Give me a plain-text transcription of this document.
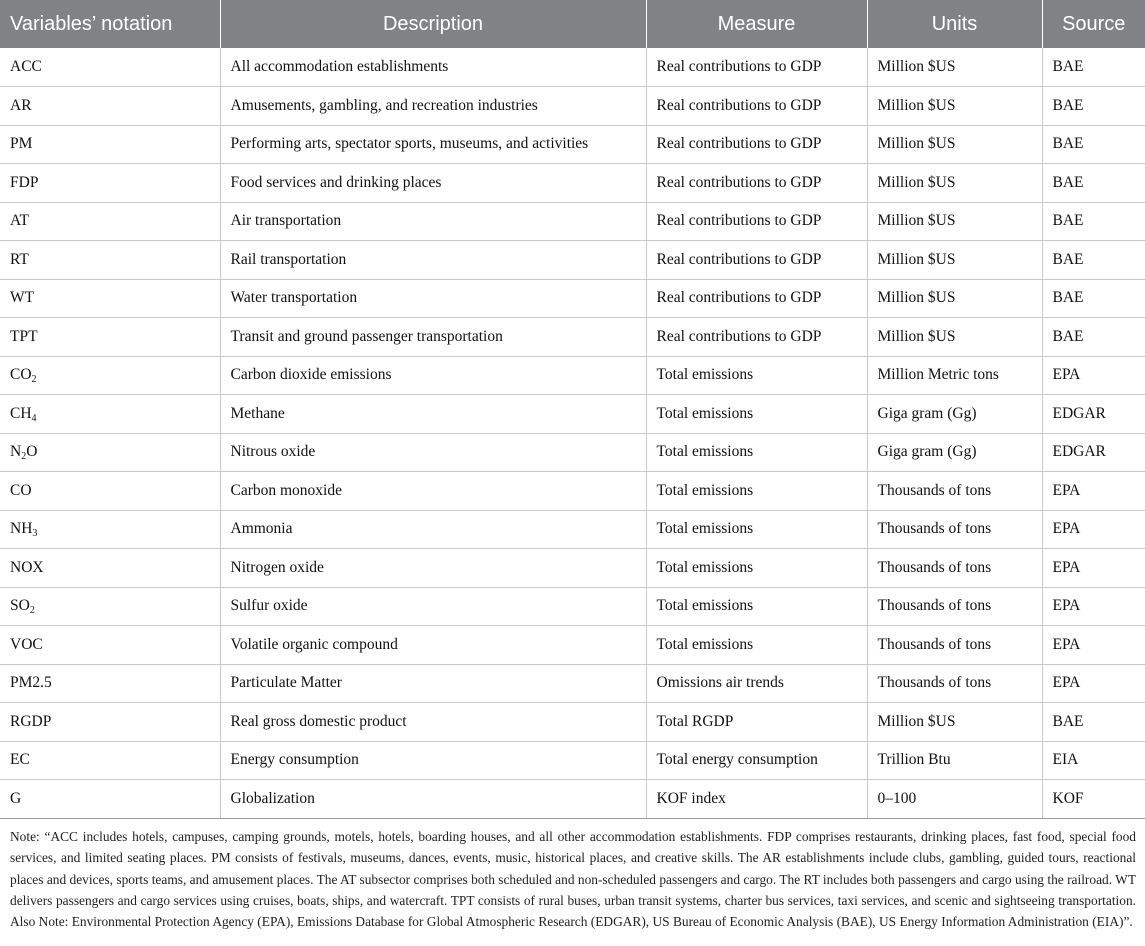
Variables’ notation	Description	Measure	Units	Source
ACC	All accommodation establishments	Real contributions to GDP	Million $US	BAE
AR	Amusements, gambling, and recreation industries	Real contributions to GDP	Million $US	BAE
PM	Performing arts, spectator sports, museums, and activities	Real contributions to GDP	Million $US	BAE
FDP	Food services and drinking places	Real contributions to GDP	Million $US	BAE
AT	Air transportation	Real contributions to GDP	Million $US	BAE
RT	Rail transportation	Real contributions to GDP	Million $US	BAE
WT	Water transportation	Real contributions to GDP	Million $US	BAE
TPT	Transit and ground passenger transportation	Real contributions to GDP	Million $US	BAE
$CO_2$	Carbon dioxide emissions	Total emissions	Million Metric tons	EPA
$CH_4$	Methane	Total emissions	Giga gram (Gg)	EDGAR
$N_2O$	Nitrous oxide	Total emissions	Giga gram (Gg)	EDGAR
CO	Carbon monoxide	Total emissions	Thousands of tons	EPA
$NH_3$	Ammonia	Total emissions	Thousands of tons	EPA
NOX	Nitrogen oxide	Total emissions	Thousands of tons	EPA
$SO_2$	Sulfur oxide	Total emissions	Thousands of tons	EPA
VOC	Volatile organic compound	Total emissions	Thousands of tons	EPA
PM2.5	Particulate Matter	Omissions air trends	Thousands of tons	EPA
RGDP	Real gross domestic product	Total RGDP	Million $US	BAE
EC	Energy consumption	Total energy consumption	Trillion Btu	EIA
G	Globalization	KOF index	0–100	KOF

Note: “ACC includes hotels, campuses, camping grounds, motels, hotels, boarding houses, and all other accommodation establishments. FDP comprises restaurants, drinking places, fast food, special food services, and limited seating places. PM consists of festivals, museums, dances, events, music, historical places, and creative skills. The AR establishments include clubs, gambling, guided tours, reactional places and devices, sports teams, and amusement places. The AT subsector comprises both scheduled and non-scheduled passengers and cargo. The RT includes both passengers and cargo using the railroad. WT delivers passengers and cargo services using cruises, boats, ships, and watercraft. TPT consists of rural buses, urban transit systems, charter bus services, taxi services, and scenic and sightseeing transportation. Also Note: Environmental Protection Agency (EPA), Emissions Database for Global Atmospheric Research (EDGAR), US Bureau of Economic Analysis (BAE), US Energy Information Administration (EIA)”.
